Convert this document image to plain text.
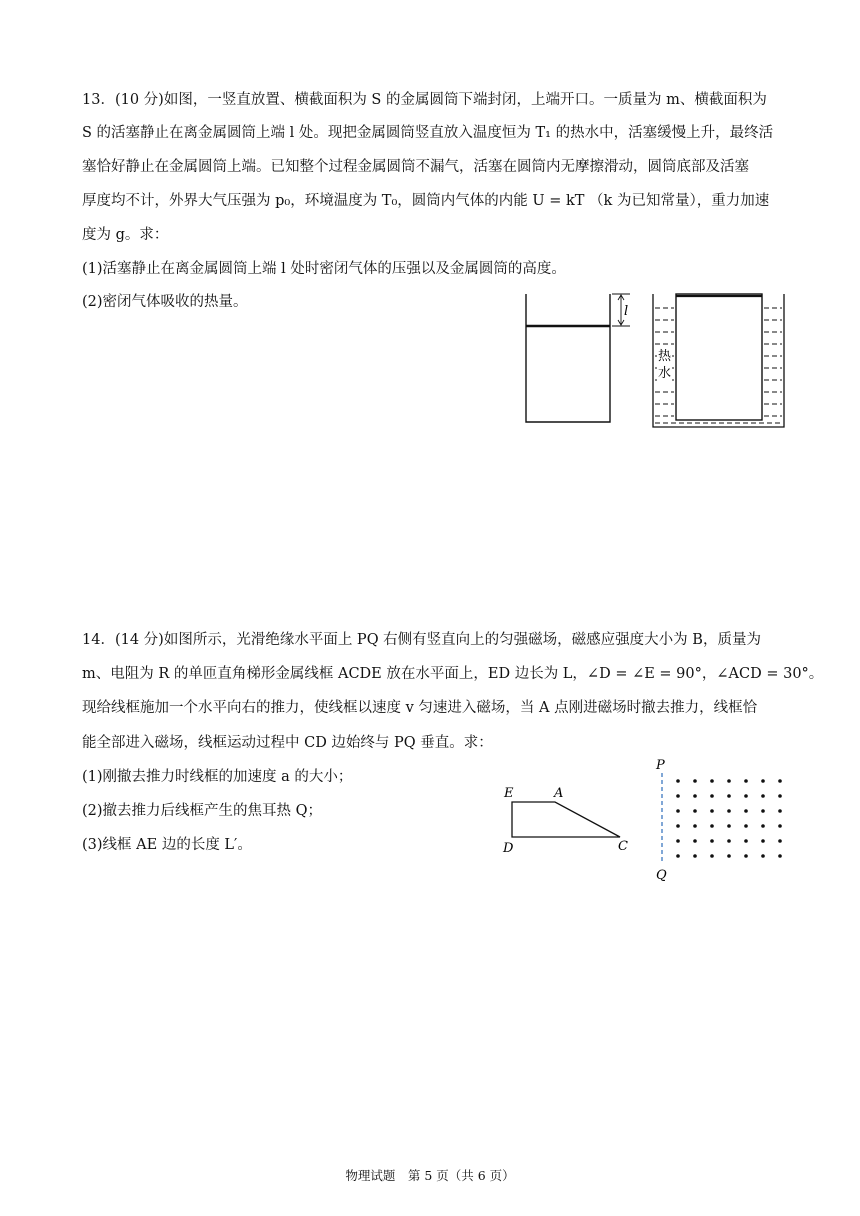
13．(10 分)如图，一竖直放置、横截面积为 S 的金属圆筒下端封闭，上端开口。一质量为 m、横截面积为
S 的活塞静止在离金属圆筒上端 l 处。现把金属圆筒竖直放入温度恒为 T₁ 的热水中，活塞缓慢上升，最终活
塞恰好静止在金属圆筒上端。已知整个过程金属圆筒不漏气，活塞在圆筒内无摩擦滑动，圆筒底部及活塞
厚度均不计，外界大气压强为 p₀，环境温度为 T₀，圆筒内气体的内能 U = kT （k 为已知常量），重力加速
度为 g。求：
(1)活塞静止在离金属圆筒上端 l 处时密闭气体的压强以及金属圆筒的高度。
(2)密闭气体吸收的热量。
l
热
水
14．(14 分)如图所示，光滑绝缘水平面上 PQ 右侧有竖直向上的匀强磁场，磁感应强度大小为 B，质量为
m、电阻为 R 的单匝直角梯形金属线框 ACDE 放在水平面上，ED 边长为 L，∠D = ∠E = 90°，∠ACD = 30°。
现给线框施加一个水平向右的推力，使线框以速度 v 匀速进入磁场，当 A 点刚进磁场时撤去推力，线框恰
能全部进入磁场，线框运动过程中 CD 边始终与 PQ 垂直。求：
(1)刚撤去推力时线框的加速度 a 的大小；
(2)撤去推力后线框产生的焦耳热 Q；
(3)线框 AE 边的长度 L′。
E	A
D	C
P
Q
物理试题　第 5 页（共 6 页）
